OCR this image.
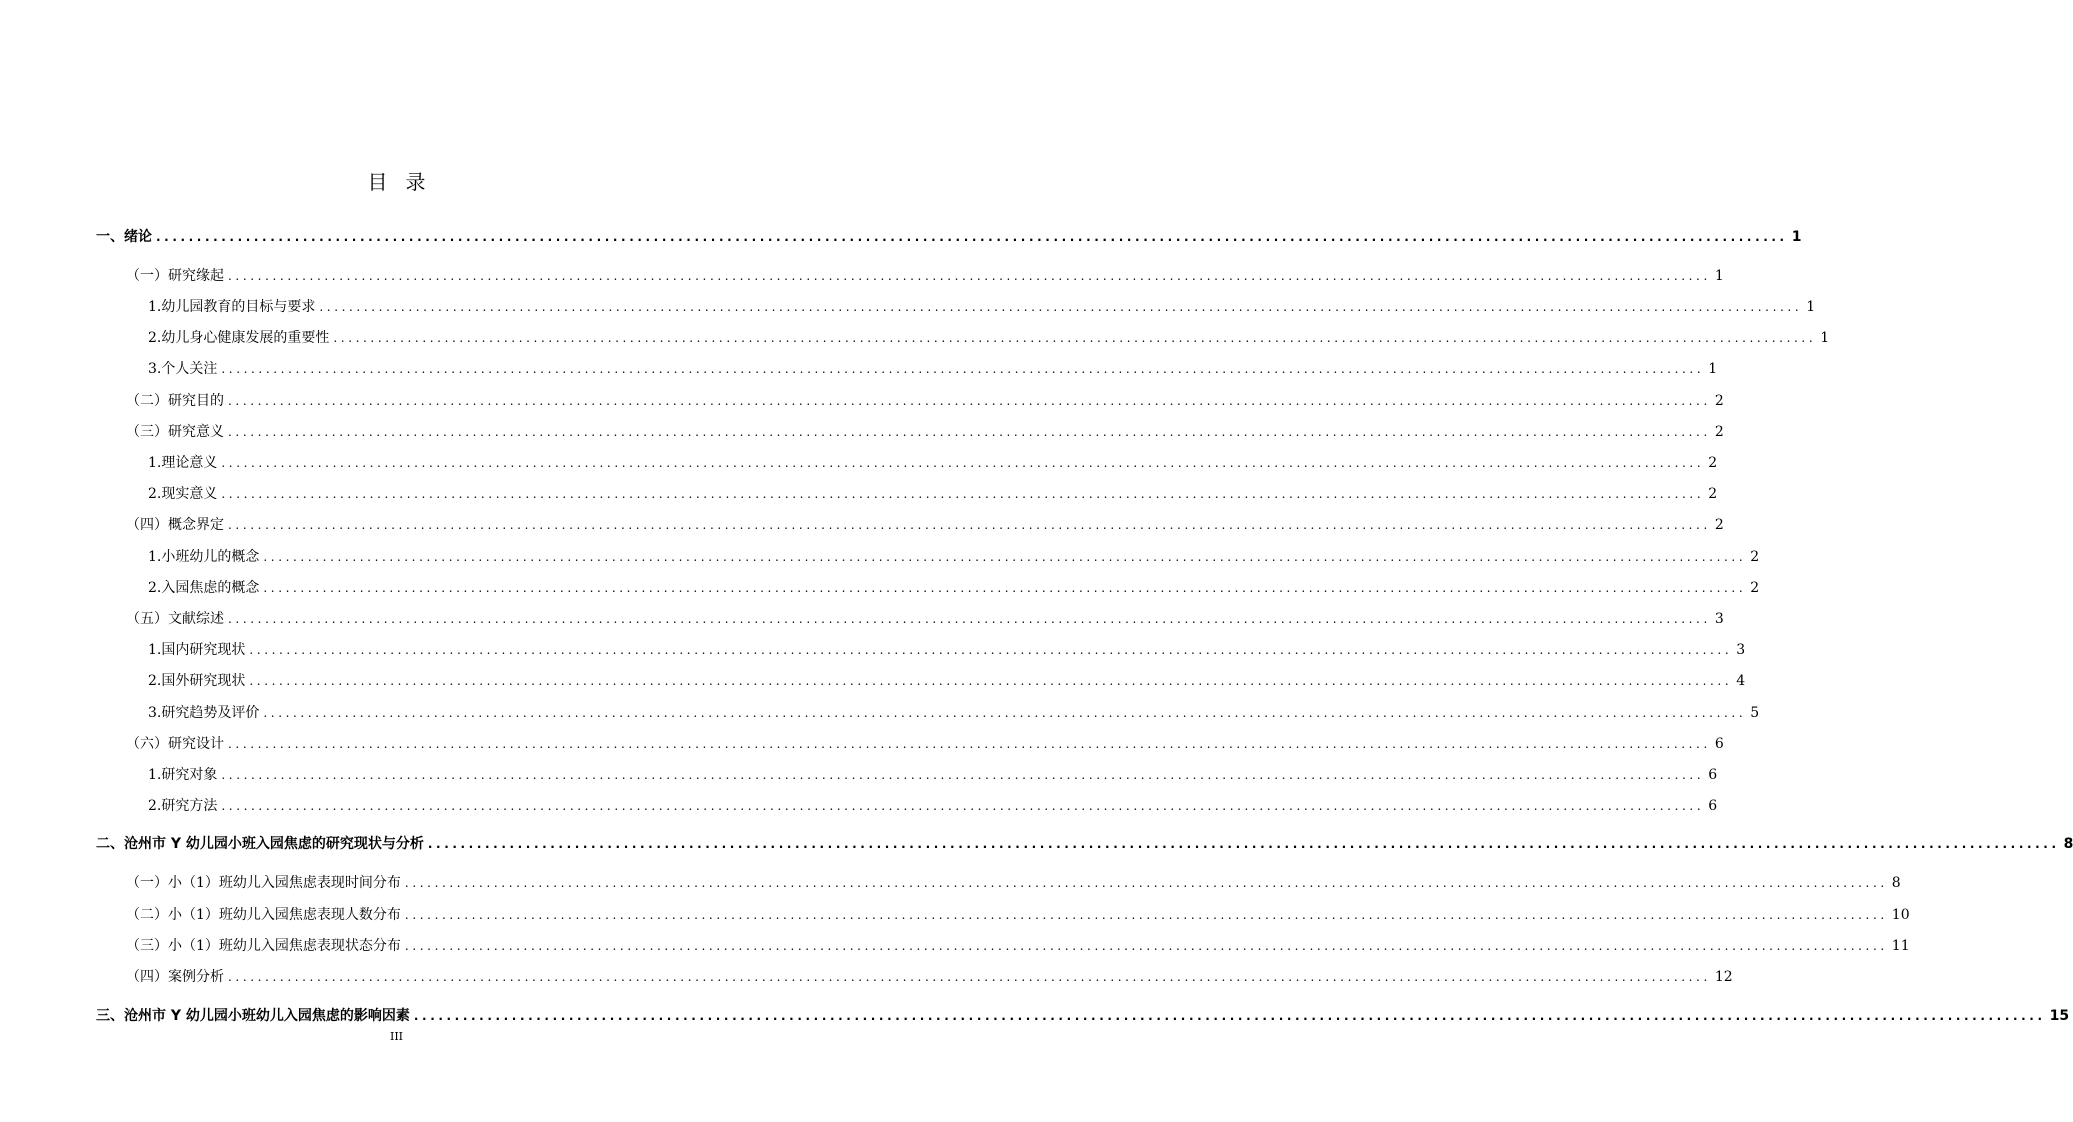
目 录
一、 绪论 ........................................................................................................................................................................................................ 1
（一） 研究缘起 ........................................................................................................................................................................................................ 1
1. 幼儿园教育的目标与要求 ........................................................................................................................................................................................................ 1
2. 幼儿身心健康发展的重要性 ........................................................................................................................................................................................................ 1
3. 个人关注 ........................................................................................................................................................................................................ 1
（二） 研究目的 ........................................................................................................................................................................................................ 2
（三） 研究意义 ........................................................................................................................................................................................................ 2
1. 理论意义 ........................................................................................................................................................................................................ 2
2. 现实意义 ........................................................................................................................................................................................................ 2
（四） 概念界定 ........................................................................................................................................................................................................ 2
1. 小班幼儿的概念 ........................................................................................................................................................................................................ 2
2. 入园焦虑的概念 ........................................................................................................................................................................................................ 2
（五） 文献综述 ........................................................................................................................................................................................................ 3
1. 国内研究现状 ........................................................................................................................................................................................................ 3
2. 国外研究现状 ........................................................................................................................................................................................................ 4
3. 研究趋势及评价 ........................................................................................................................................................................................................ 5
（六） 研究设计 ........................................................................................................................................................................................................ 6
1. 研究对象 ........................................................................................................................................................................................................ 6
2. 研究方法 ........................................................................................................................................................................................................ 6
二、 沧州市 Y 幼儿园小班入园焦虑的研究现状与分析 ........................................................................................................................................................................................................ 8
（一） 小（1）班幼儿入园焦虑表现时间分布 ........................................................................................................................................................................................................ 8
（二） 小（1）班幼儿入园焦虑表现人数分布 ........................................................................................................................................................................................................ 10
（三） 小（1）班幼儿入园焦虑表现状态分布 ........................................................................................................................................................................................................ 11
（四） 案例分析 ........................................................................................................................................................................................................ 12
三、 沧州市 Y 幼儿园小班幼儿入园焦虑的影响因素 ........................................................................................................................................................................................................ 15
III
